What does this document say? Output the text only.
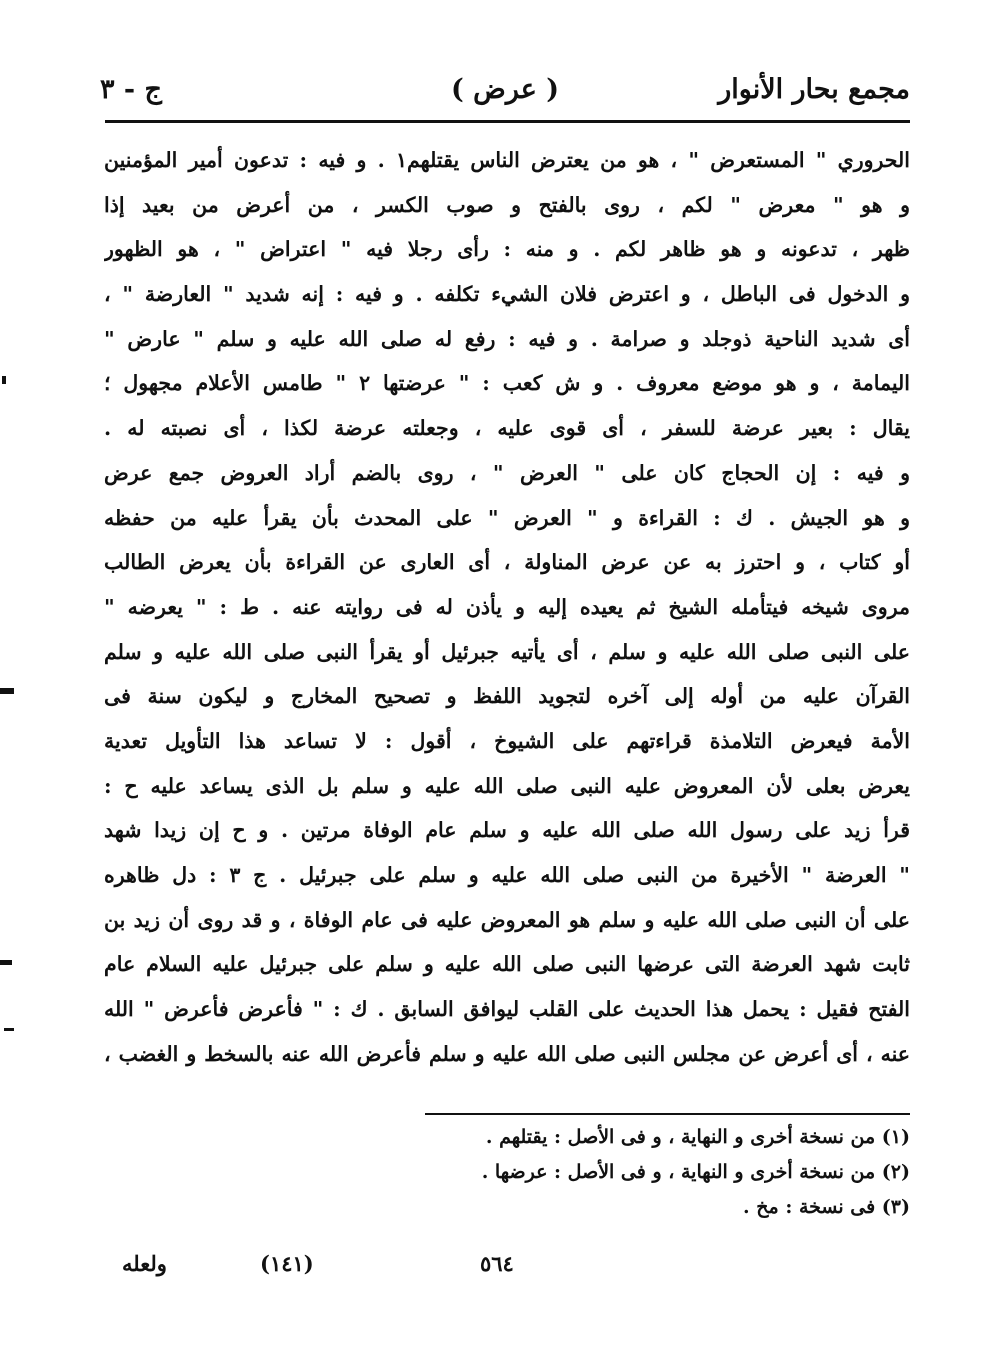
مجمع بحار الأنوار
( عرض )
ج - ٣
الحروري " المستعرض " ، هو من يعترض الناس يقتلهم١ . و فيه : تدعون أمير المؤمنين
و هو " معرض " لكم ، روى بالفتح و صوب الكسر ، من أعرض من بعيد إذا
ظهر ، تدعونه و هو ظاهر لكم . و منه : رأى رجلا فيه " اعتراض " ، هو الظهور
و الدخول فى الباطل ، و اعترض فلان الشيء تكلفه . و فيه : إنه شديد " العارضة " ،
أى شديد الناحية ذوجلد و صرامة . و فيه : رفع له صلى الله عليه و سلم " عارض "
اليمامة ، و هو موضع معروف . و ش كعب : " عرضتها ٢ " طامس الأعلام مجهول ؛
يقال : بعير عرضة للسفر ، أى قوى عليه ، وجعلته عرضة لكذا ، أى نصبته له .
و فيه : إن الحجاج كان على " العرض " ، روى بالضم أراد العروض جمع عرض
و هو الجيش . ك : القراءة و " العرض " على المحدث بأن يقرأ عليه من حفظه
أو كتاب ، و احترز به عن عرض المناولة ، أى العارى عن القراءة بأن يعرض الطالب
مروى شيخه فيتأمله الشيخ ثم يعيده إليه و يأذن له فى روايته عنه . ط : " يعرضه "
على النبى صلى الله عليه و سلم ، أى يأتيه جبرئيل أو يقرأ النبى صلى الله عليه و سلم
القرآن عليه من أوله إلى آخره لتجويد اللفظ و تصحيح المخارج و ليكون سنة فى
الأمة فيعرض التلامذة قراءتهم على الشيوخ ، أقول : لا تساعد هذا التأويل تعدية
يعرض بعلى لأن المعروض عليه النبى صلى الله عليه و سلم بل الذى يساعد عليه ح :
قرأ زيد على رسول الله صلى الله عليه و سلم عام الوفاة مرتين . و ح إن زيدا شهد
" العرضة " الأخيرة من النبى صلى الله عليه و سلم على جبرئيل . ج ٣ : دل ظاهره
على أن النبى صلى الله عليه و سلم هو المعروض عليه فى عام الوفاة ، و قد روى أن زيد بن
ثابت شهد العرضة التى عرضها النبى صلى الله عليه و سلم على جبرئيل عليه السلام عام
الفتح فقيل : يحمل هذا الحديث على القلب ليوافق السابق . ك : " فأعرض فأعرض " الله
عنه ، أى أعرض عن مجلس النبى صلى الله عليه و سلم فأعرض الله عنه بالسخط و الغضب ،
(١) من نسخة أخرى و النهاية ، و فى الأصل : يقتلهم .
(٢) من نسخة أخرى و النهاية ، و فى الأصل : عرضها .
(٣) فى نسخة : مخ .
ولعله	(١٤١)	٥٦٤
